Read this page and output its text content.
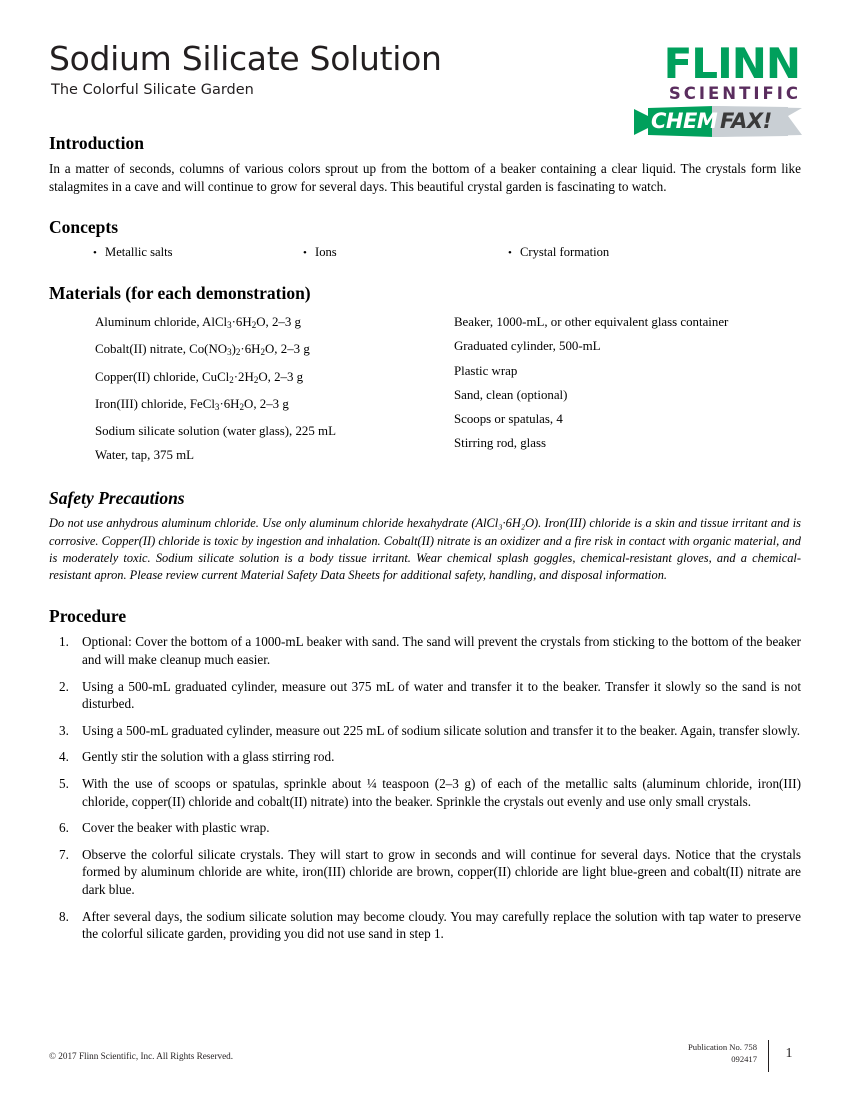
Sodium Silicate Solution
The Colorful Silicate Garden
FLINN
SCIENTIFIC
CHEM FAX!
Introduction

In a matter of seconds, columns of various colors sprout up from the bottom of a beaker containing a clear liquid. The crystals form like stalagmites in a cave and will continue to grow for several days. This beautiful crystal garden is fascinating to watch.

Concepts
• Metallic salts	• Ions	• Crystal formation
Materials (for each demonstration)
Aluminum chloride, $AlCl_3\cdot 6H_2O$, 2–3 g
Cobalt(II) nitrate, $Co(NO_3)_2\cdot 6H_2O$, 2–3 g
Copper(II) chloride, $CuCl_2\cdot 2H_2O$, 2–3 g
Iron(III) chloride, $FeCl_3\cdot 6H_2O$, 2–3 g
Sodium silicate solution (water glass), 225 mL
Water, tap, 375 mL
Beaker, 1000-mL, or other equivalent glass container
Graduated cylinder, 500-mL
Plastic wrap
Sand, clean (optional)
Scoops or spatulas, 4
Stirring rod, glass
Safety Precautions

Do not use anhydrous aluminum chloride. Use only aluminum chloride hexahydrate (AlCl₃·6H₂O). Iron(III) chloride is a skin and tissue irritant and is corrosive. Copper(II) chloride is toxic by ingestion and inhalation. Cobalt(II) nitrate is an oxidizer and a fire risk in contact with organic material, and is moderately toxic. Sodium silicate solution is a body tissue irritant. Wear chemical splash goggles, chemical-resistant gloves, and a chemical-resistant apron. Please review current Material Safety Data Sheets for additional safety, handling, and disposal information.

Procedure
1. Optional: Cover the bottom of a 1000-mL beaker with sand. The sand will prevent the crystals from sticking to the bottom of the beaker and will make cleanup much easier.
2. Using a 500-mL graduated cylinder, measure out 375 mL of water and transfer it to the beaker. Transfer it slowly so the sand is not disturbed.
3. Using a 500-mL graduated cylinder, measure out 225 mL of sodium silicate solution and transfer it to the beaker. Again, transfer slowly.
4. Gently stir the solution with a glass stirring rod.
5. With the use of scoops or spatulas, sprinkle about ¼ teaspoon (2–3 g) of each of the metallic salts (aluminum chloride, iron(III) chloride, copper(II) chloride and cobalt(II) nitrate) into the beaker. Sprinkle the crystals out evenly and use only small crystals.
6. Cover the beaker with plastic wrap.
7. Observe the colorful silicate crystals. They will start to grow in seconds and will continue for several days. Notice that the crystals formed by aluminum chloride are white, iron(III) chloride are brown, copper(II) chloride are light blue-green and cobalt(II) nitrate are dark blue.
8. After several days, the sodium silicate solution may become cloudy. You may carefully replace the solution with tap water to preserve the colorful silicate garden, providing you did not use sand in step 1.
© 2017 Flinn Scientific, Inc. All Rights Reserved.
Publication No. 758
092417	1
